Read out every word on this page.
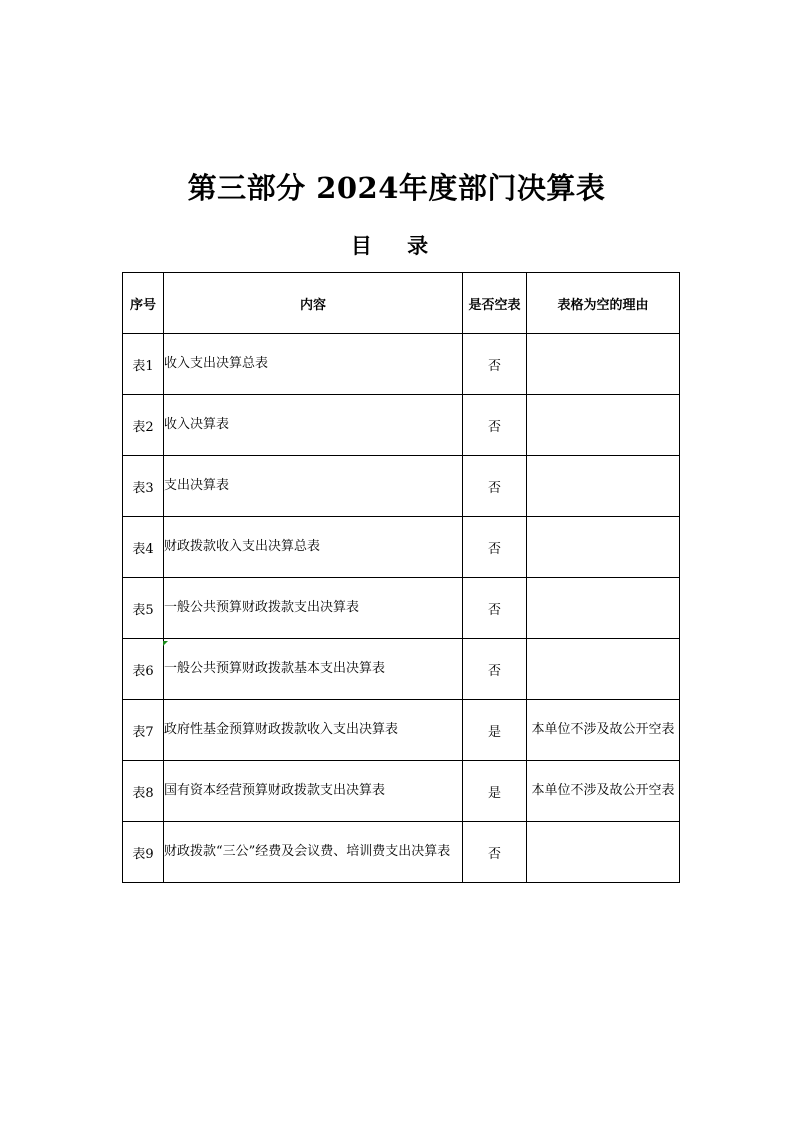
第三部分 2024年度部门决算表
目 录
序号	内容	是否空表	表格为空的理由
表1	收入支出决算总表	否	
表2	收入决算表	否	
表3	支出决算表	否	
表4	财政拨款收入支出决算总表	否	
表5	一般公共预算财政拨款支出决算表	否	
表6	一般公共预算财政拨款基本支出决算表	否	
表7	政府性基金预算财政拨款收入支出决算表	是	本单位不涉及故公开空表
表8	国有资本经营预算财政拨款支出决算表	是	本单位不涉及故公开空表
表9	财政拨款“三公”经费及会议费、培训费支出决算表	否	
